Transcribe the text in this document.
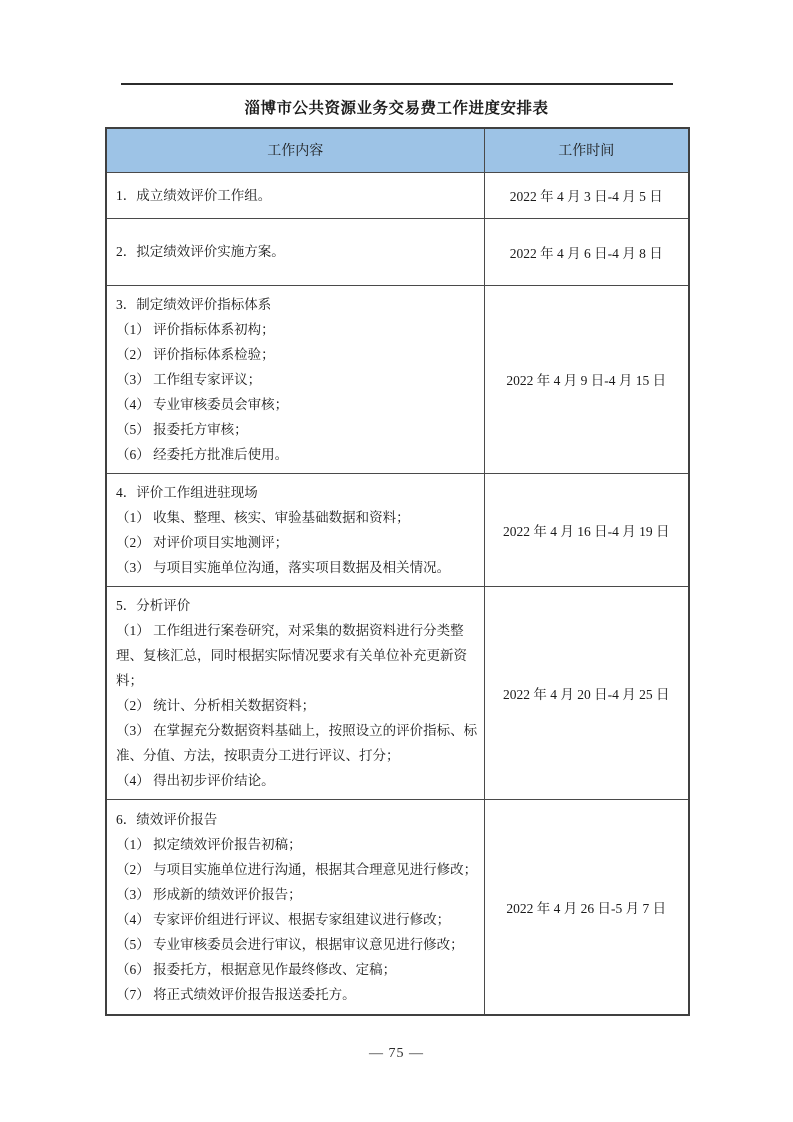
淄博市公共资源业务交易费工作进度安排表
工作内容	工作时间

1．成立绩效评价工作组。	2022 年 4 月 3 日-4 月 5 日

2．拟定绩效评价实施方案。	2022 年 4 月 6 日-4 月 8 日

3．制定绩效评价指标体系
（1） 评价指标体系初构；
（2） 评价指标体系检验；
（3） 工作组专家评议；
（4） 专业审核委员会审核；
（5） 报委托方审核；
（6） 经委托方批准后使用。
	2022 年 4 月 9 日-4 月 15 日

4．评价工作组进驻现场
（1） 收集、整理、核实、审验基础数据和资料；
（2） 对评价项目实地测评；
（3） 与项目实施单位沟通，落实项目数据及相关情况。	2022 年 4 月 16 日-4 月 19 日

5．分析评价
（1） 工作组进行案卷研究，对采集的数据资料进行分类整理、复核汇总，同时根据实际情况要求有关单位补充更新资料；
（2） 统计、分析相关数据资料；
（3） 在掌握充分数据资料基础上，按照设立的评价指标、标准、分值、方法，按职责分工进行评议、打分；
（4） 得出初步评价结论。	2022 年 4 月 20 日-4 月 25 日

6．绩效评价报告
（1） 拟定绩效评价报告初稿；
（2） 与项目实施单位进行沟通，根据其合理意见进行修改；
（3） 形成新的绩效评价报告；
（4） 专家评价组进行评议、根据专家组建议进行修改；
（5） 专业审核委员会进行审议，根据审议意见进行修改；
（6） 报委托方，根据意见作最终修改、定稿；
（7） 将正式绩效评价报告报送委托方。
	2022 年 4 月 26 日-5 月 7 日
— 75 —
